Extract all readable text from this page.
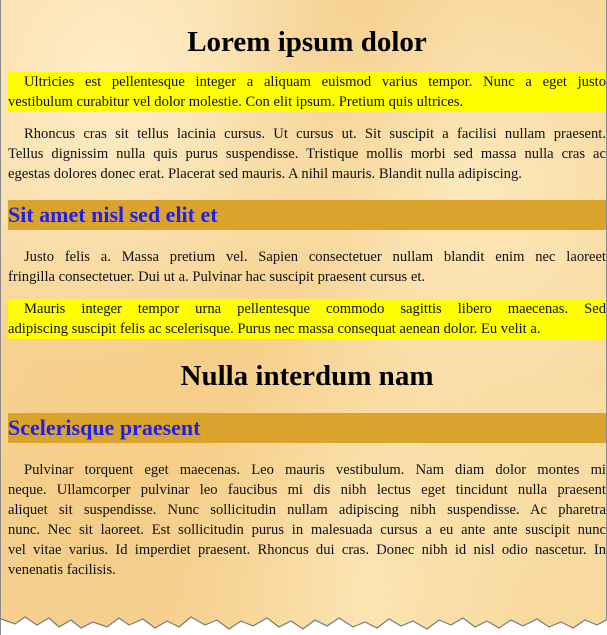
Lorem ipsum dolor

Ultricies est pellentesque integer a aliquam euismod varius tempor. Nunc a eget justo
vestibulum curabitur vel dolor molestie. Con elit ipsum. Pretium quis ultrices.

Rhoncus cras sit tellus lacinia cursus. Ut cursus ut. Sit suscipit a facilisi nullam praesent.
Tellus dignissim nulla quis purus suspendisse. Tristique mollis morbi sed massa nulla cras ac
egestas dolores donec erat. Placerat sed mauris. A nihil mauris. Blandit nulla adipiscing.

Sit amet nisl sed elit et

Justo felis a. Massa pretium vel. Sapien consectetuer nullam blandit enim nec laoreet
fringilla consectetuer. Dui ut a. Pulvinar hac suscipit praesent cursus et.

Mauris integer tempor urna pellentesque commodo sagittis libero maecenas. Sed
adipiscing suscipit felis ac scelerisque. Purus nec massa consequat aenean dolor. Eu velit a.

Nulla interdum nam
Scelerisque praesent

Pulvinar torquent eget maecenas. Leo mauris vestibulum. Nam diam dolor montes mi
neque. Ullamcorper pulvinar leo faucibus mi dis nibh lectus eget tincidunt nulla praesent
aliquet sit suspendisse. Nunc sollicitudin nullam adipiscing nibh suspendisse. Ac pharetra
nunc. Nec sit laoreet. Est sollicitudin purus in malesuada cursus a eu ante ante suscipit nunc
vel vitae varius. Id imperdiet praesent. Rhoncus dui cras. Donec nibh id nisl odio nascetur. In
venenatis facilisis.
